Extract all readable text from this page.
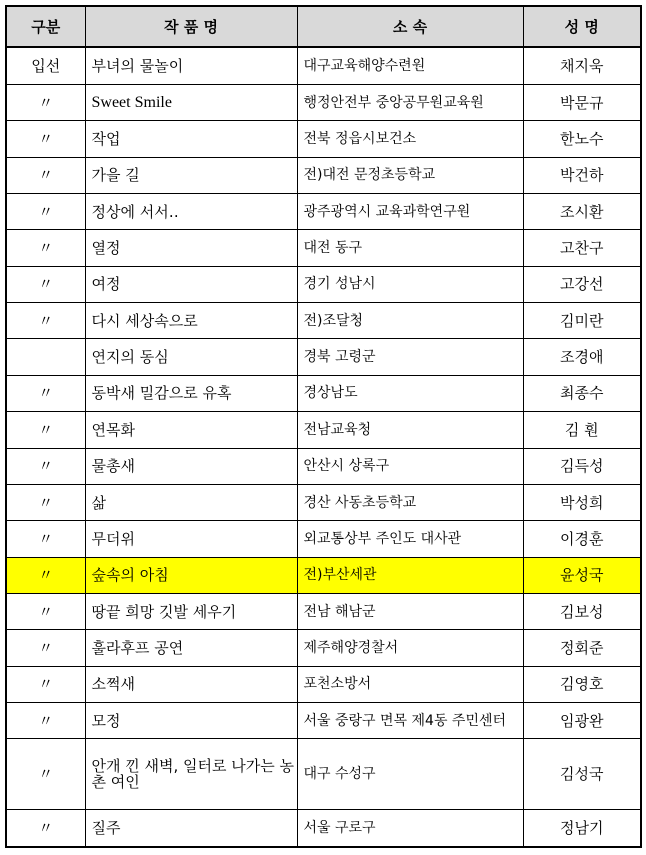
구분	작 품 명	소 속	성 명
입선	부녀의 물놀이	대구교육해양수련원	채지욱
〃	Sweet Smile	행정안전부 중앙공무원교육원	박문규
〃	작업	전북 정읍시보건소	한노수
〃	가을 길	전)대전 문정초등학교	박건하
〃	정상에 서서‥	광주광역시 교육과학연구원	조시환
〃	열정	대전 동구	고찬구
〃	여정	경기 성남시	고강선
〃	다시 세상속으로	전)조달청	김미란
	연지의 동심	경북 고령군	조경애
〃	동박새 밀감으로 유혹	경상남도	최종수
〃	연목화	전남교육청	김 훤
〃	물총새	안산시 상록구	김득성
〃	삶	경산 사동초등학교	박성희
〃	무더위	외교통상부 주인도 대사관	이경훈
〃	숲속의 아침	전)부산세관	윤성국
〃	땅끝 희망 깃발 세우기	전남 해남군	김보성
〃	훌라후프 공연	제주해양경찰서	정회준
〃	소쩍새	포천소방서	김영호
〃	모정	서울 중랑구 면목 제4동 주민센터	임광완
〃	안개 낀 새벽, 일터로 나가는 농촌 여인	대구 수성구	김성국
〃	질주	서울 구로구	정남기
